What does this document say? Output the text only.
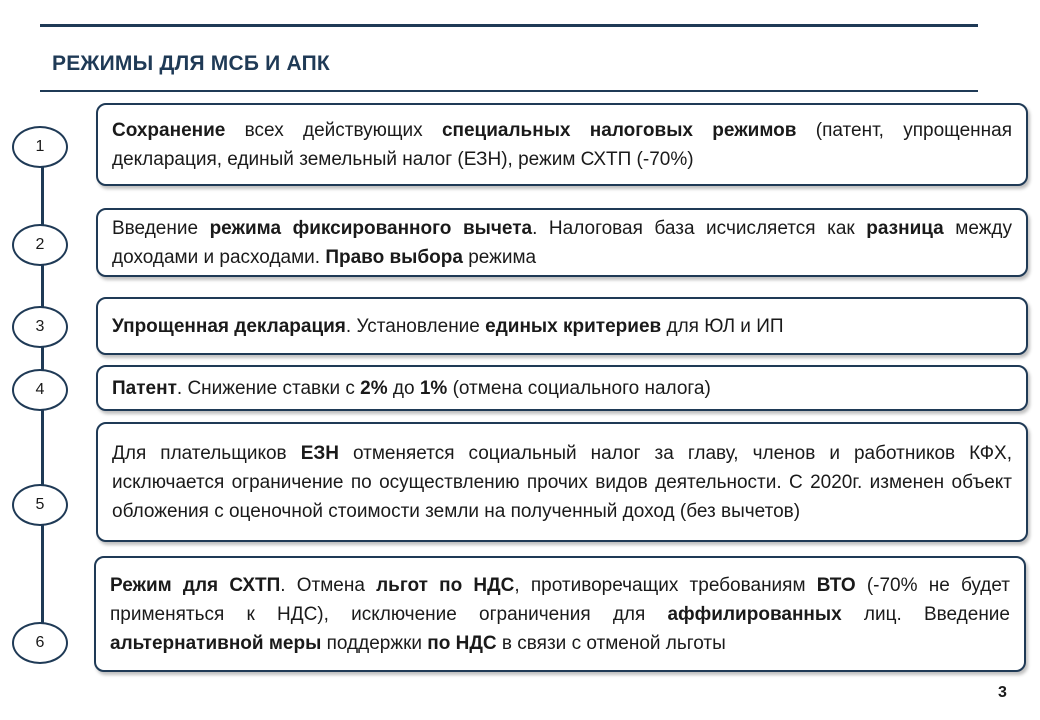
РЕЖИМЫ ДЛЯ МСБ И АПК
1
Сохранение всех действующих специальных налоговых режимов (патент, упрощенная декларация, единый земельный налог (ЕЗН), режим СХТП (-70%)
2
Введение режима фиксированного вычета. Налоговая база исчисляется как разница между доходами и расходами. Право выбора режима
3	Упрощенная декларация. Установление единых критериев для ЮЛ и ИП
4	Патент. Снижение ставки с 2% до 1% (отмена социального налога)
5
Для плательщиков ЕЗН отменяется социальный налог за главу, членов и работников КФХ, исключается ограничение по осуществлению прочих видов деятельности. С 2020г. изменен объект обложения с оценочной стоимости земли на полученный доход (без вычетов)
6
Режим для СХТП. Отмена льгот по НДС, противоречащих требованиям ВТО (-70% не будет применяться к НДС), исключение ограничения для аффилированных лиц. Введение альтернативной меры поддержки по НДС в связи с отменой льготы
3
